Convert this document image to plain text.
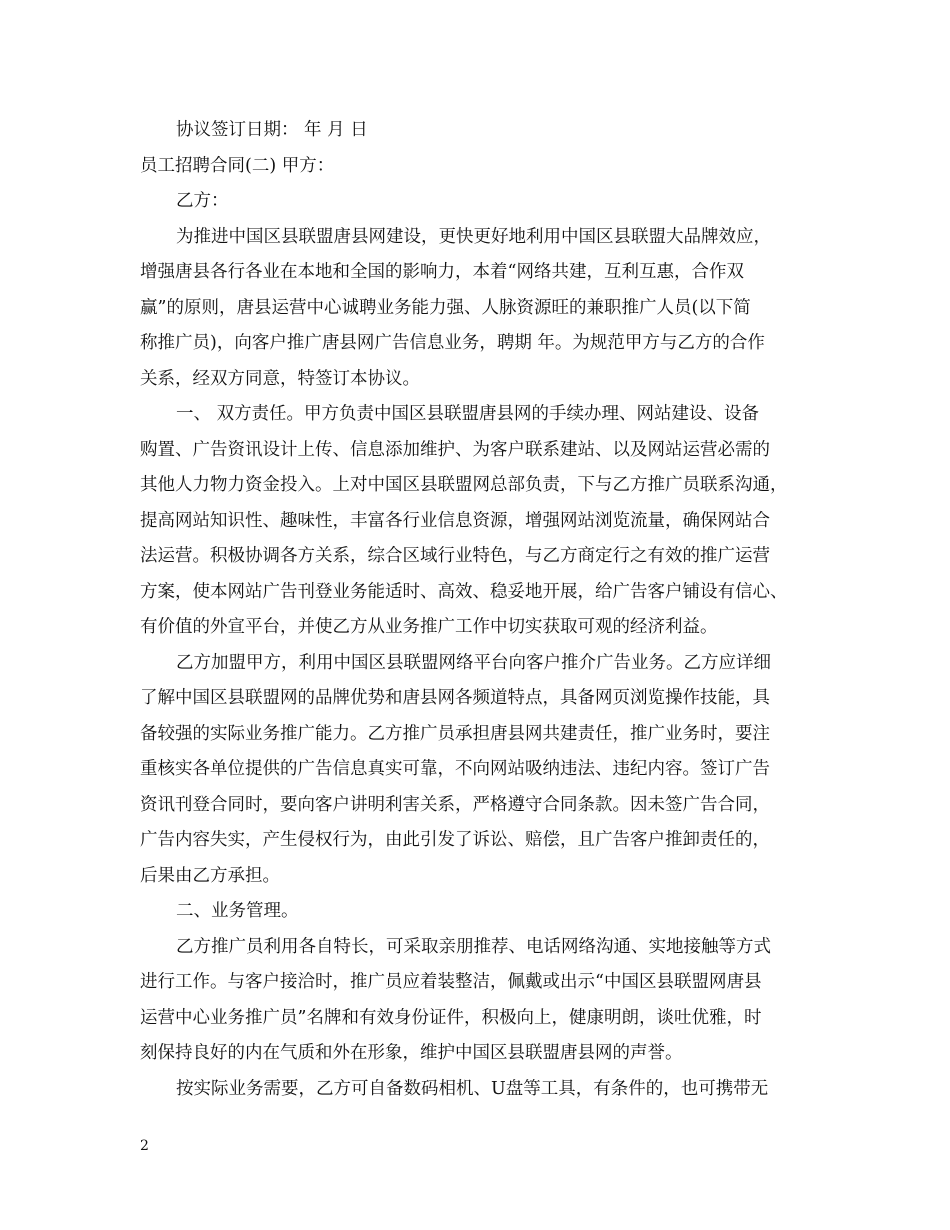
协议签订日期： 年 月 日

员工招聘合同(二) 甲方：

乙方：

为推进中国区县联盟唐县网建设，更快更好地利用中国区县联盟大品牌效应，

增强唐县各行各业在本地和全国的影响力，本着“网络共建，互利互惠，合作双

赢”的原则，唐县运营中心诚聘业务能力强、人脉资源旺的兼职推广人员(以下简

称推广员)，向客户推广唐县网广告信息业务，聘期 年。为规范甲方与乙方的合作

关系，经双方同意，特签订本协议。

一、 双方责任。甲方负责中国区县联盟唐县网的手续办理、网站建设、设备

购置、广告资讯设计上传、信息添加维护、为客户联系建站、以及网站运营必需的

其他人力物力资金投入。上对中国区县联盟网总部负责，下与乙方推广员联系沟通，

提高网站知识性、趣味性，丰富各行业信息资源，增强网站浏览流量，确保网站合

法运营。积极协调各方关系，综合区域行业特色，与乙方商定行之有效的推广运营

方案，使本网站广告刊登业务能适时、高效、稳妥地开展，给广告客户铺设有信心、

有价值的外宣平台，并使乙方从业务推广工作中切实获取可观的经济利益。

乙方加盟甲方，利用中国区县联盟网络平台向客户推介广告业务。乙方应详细

了解中国区县联盟网的品牌优势和唐县网各频道特点，具备网页浏览操作技能，具

备较强的实际业务推广能力。乙方推广员承担唐县网共建责任，推广业务时，要注

重核实各单位提供的广告信息真实可靠，不向网站吸纳违法、违纪内容。签订广告

资讯刊登合同时，要向客户讲明利害关系，严格遵守合同条款。因未签广告合同，

广告内容失实，产生侵权行为，由此引发了诉讼、赔偿，且广告客户推卸责任的，

后果由乙方承担。

二、业务管理。

乙方推广员利用各自特长，可采取亲朋推荐、电话网络沟通、实地接触等方式

进行工作。与客户接洽时，推广员应着装整洁，佩戴或出示“中国区县联盟网唐县

运营中心业务推广员”名牌和有效身份证件，积极向上，健康明朗，谈吐优雅，时

刻保持良好的内在气质和外在形象，维护中国区县联盟唐县网的声誉。

按实际业务需要，乙方可自备数码相机、U盘等工具，有条件的，也可携带无

2
